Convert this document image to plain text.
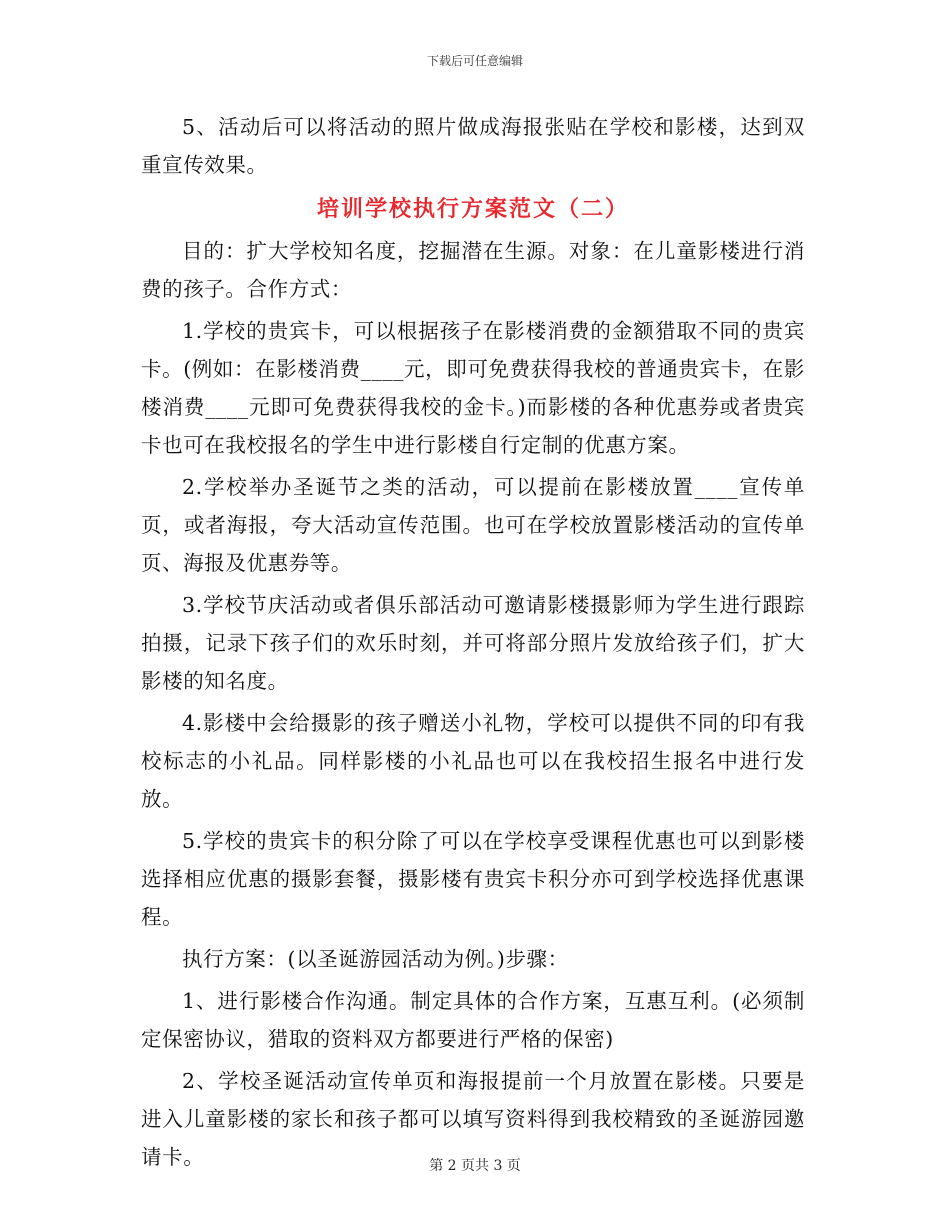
下载后可任意编辑

5、活动后可以将活动的照片做成海报张贴在学校和影楼，达到双重宣传效果。

培训学校执行方案范文（二）

目的：扩大学校知名度，挖掘潜在生源。对象：在儿童影楼进行消费的孩子。合作方式：

1.学校的贵宾卡，可以根据孩子在影楼消费的金额猎取不同的贵宾卡。(例如：在影楼消费____元，即可免费获得我校的普通贵宾卡，在影楼消费____元即可免费获得我校的金卡。)而影楼的各种优惠券或者贵宾卡也可在我校报名的学生中进行影楼自行定制的优惠方案。

2.学校举办圣诞节之类的活动，可以提前在影楼放置____宣传单页，或者海报，夸大活动宣传范围。也可在学校放置影楼活动的宣传单页、海报及优惠券等。

3.学校节庆活动或者俱乐部活动可邀请影楼摄影师为学生进行跟踪拍摄，记录下孩子们的欢乐时刻，并可将部分照片发放给孩子们，扩大影楼的知名度。

4.影楼中会给摄影的孩子赠送小礼物，学校可以提供不同的印有我校标志的小礼品。同样影楼的小礼品也可以在我校招生报名中进行发放。

5.学校的贵宾卡的积分除了可以在学校享受课程优惠也可以到影楼选择相应优惠的摄影套餐，摄影楼有贵宾卡积分亦可到学校选择优惠课程。

执行方案：(以圣诞游园活动为例。)步骤：

1、进行影楼合作沟通。制定具体的合作方案，互惠互利。(必须制定保密协议，猎取的资料双方都要进行严格的保密)

2、学校圣诞活动宣传单页和海报提前一个月放置在影楼。只要是进入儿童影楼的家长和孩子都可以填写资料得到我校精致的圣诞游园邀请卡。	第 2 页共 3 页
